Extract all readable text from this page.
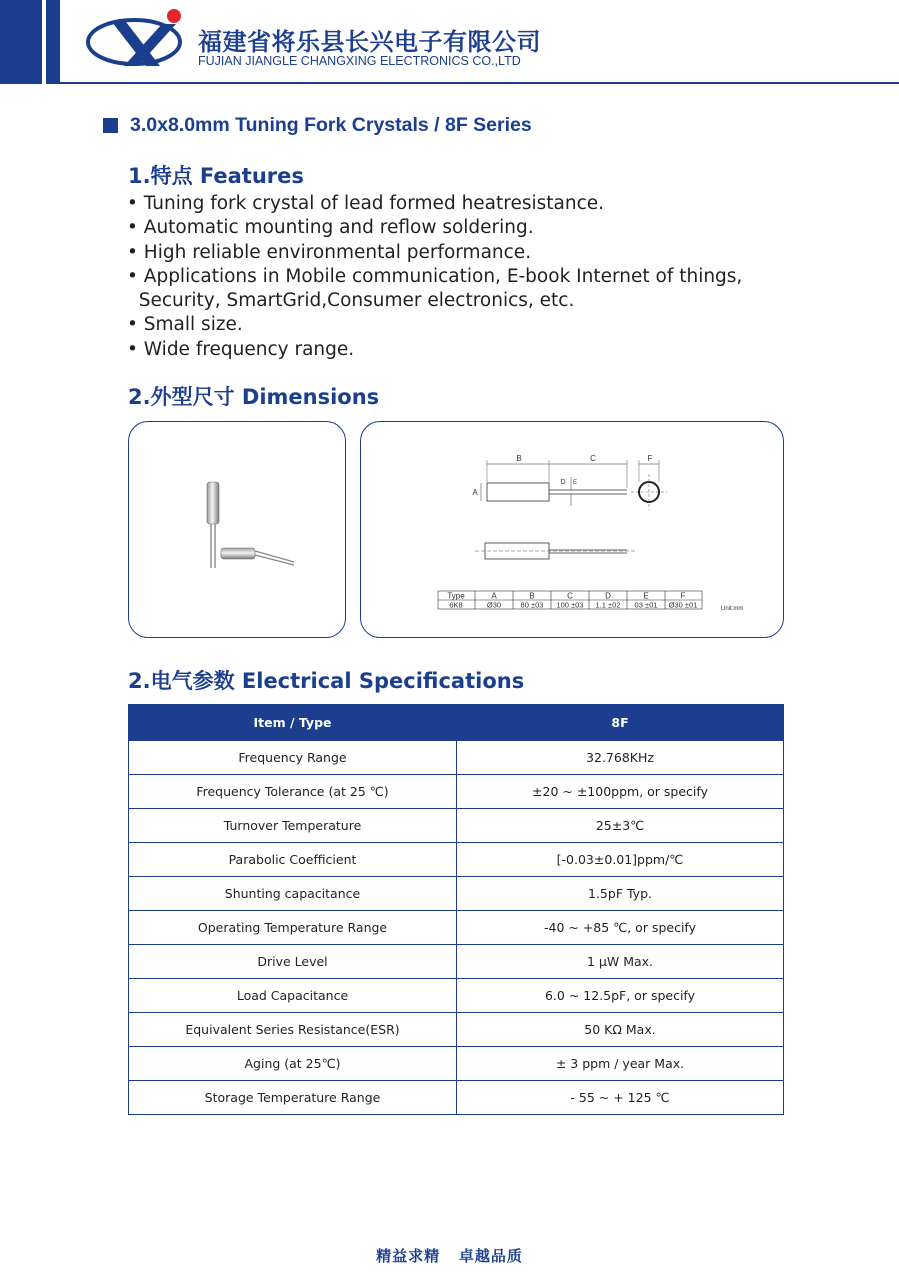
福建省将乐县长兴电子有限公司
FUJIAN JIANGLE CHANGXING ELECTRONICS CO.,LTD
3.0x8.0mm Tuning Fork Crystals / 8F Series
1.特点 Features
• Tuning fork crystal of lead formed heatresistance.
• Automatic mounting and reflow soldering.
• High reliable environmental performance.
• Applications in Mobile communication, E-book Internet of things,
Security, SmartGrid,Consumer electronics, etc.
• Small size.
• Wide frequency range.
2.外型尺寸 Dimensions
B	C	F
A
D E
Type	A	B	C	D	E	F
6K8	Ø30	80 ±03 100 ±03 1.1 ±02 03 ±01 Ø30 ±01	Unit:mm
2.电气参数 Electrical Specifications
Item / Type	8F
Frequency Range	32.768KHz
Frequency Tolerance (at 25 ℃)	±20 ~ ±100ppm, or specify
Turnover Temperature	25±3℃
Parabolic Coefficient	[-0.03±0.01]ppm/℃
Shunting capacitance	1.5pF Typ.
Operating Temperature Range	-40 ~ +85 ℃, or specify
Drive Level	1 μW Max.
Load Capacitance	6.0 ~ 12.5pF, or specify
Equivalent Series Resistance(ESR)	50 KΩ Max.
Aging (at 25℃)	± 3 ppm / year Max.
Storage Temperature Range	- 55 ~ + 125 ℃
精益求精   卓越品质
